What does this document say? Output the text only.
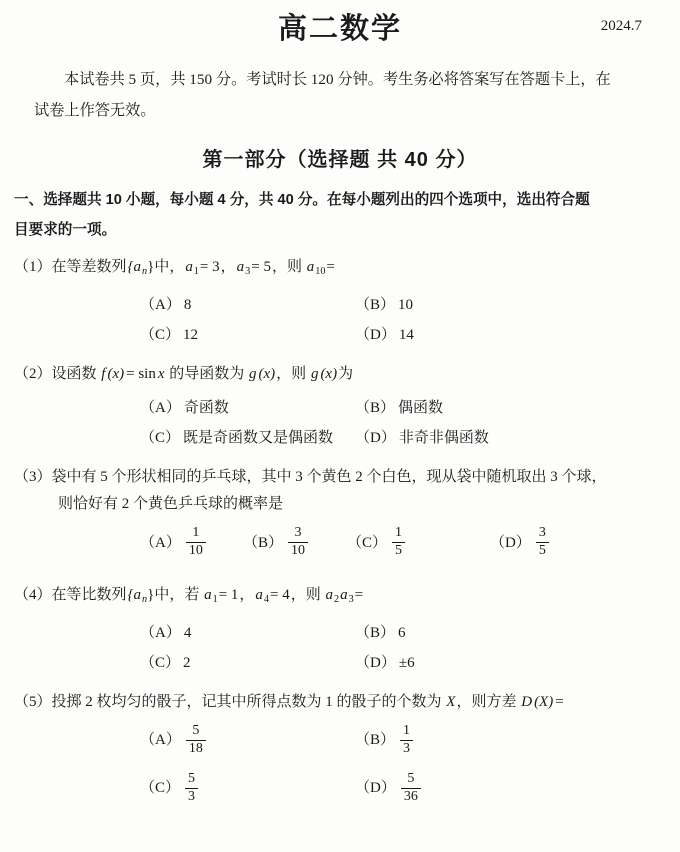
高二数学	2024.7
本试卷共 5 页，共 150 分。考试时长 120 分钟。考生务必将答案写在答题卡上，在
试卷上作答无效。
第一部分（选择题 共 40 分）
一、选择题共 10 小题，每小题 4 分，共 40 分。在每小题列出的四个选项中，选出符合题
目要求的一项。
（1）在等差数列$\{a_n\}$中，$a_1= 3$，$a_3= 5$，则 $a_{10}=$
（A） 8	（B） 10
（C） 12	（D） 14
（2）设函数 f (x) = sin x 的导函数为 g (x)，则 g (x)为
（A） 奇函数	（B） 偶函数
（C） 既是奇函数又是偶函数 （D） 非奇非偶函数
（3）袋中有 5 个形状相同的乒乓球，其中 3 个黄色 2 个白色，现从袋中随机取出 3 个球，
则恰好有 2 个黄色乒乓球的概率是
$(A) \frac{1}{10} (B) \frac{3}{10}$	$(C) \frac{1}{5}$	$(D) \frac{3}{5}$
（4）在等比数列$\{a_n\}$中，若 $a_1= 1$，$a_4= 4$，则 $a_2a_3=$
（A） 4	（B） 6
（C） 2	（D） ±6
（5）投掷 2 枚均匀的骰子，记其中所得点数为 1 的骰子的个数为 X，则方差 D (X) =
$(A) \frac{5}{18}$	$(B) \frac{1}{3}$
$(C) \frac{5}{3}$	$(D) \frac{5}{36}$
